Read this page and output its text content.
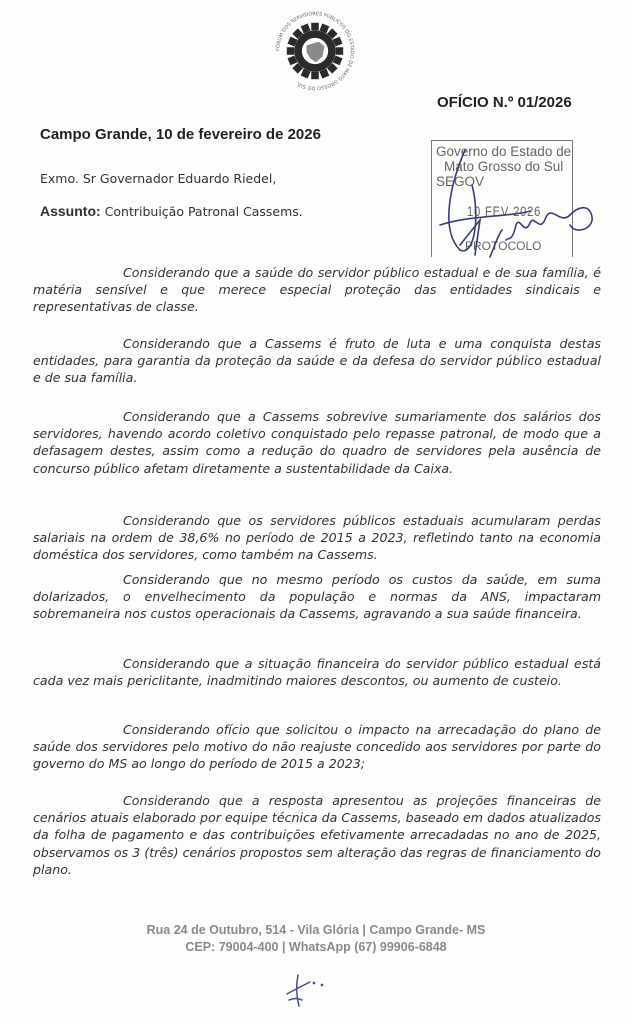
FÓRUM DOS SERVIDORES PÚBLICOS DO ESTADO DE MATO GROSSO DO SUL
OFÍCIO N.º 01/2026
Campo Grande, 10 de fevereiro de 2026
Exmo. Sr Governador Eduardo Riedel,
Assunto: Contribuição Patronal Cassems.
Governo do Estado de
Mato Grosso do Sul
SEGOV
10 FEV 2026
PROTOCOLO
Considerando que a saúde do servidor público estadual e de sua família, é matéria sensível e que merece especial proteção das entidades sindicais e representativas de classe.
Considerando que a Cassems é fruto de luta e uma conquista destas entidades, para garantia da proteção da saúde e da defesa do servidor público estadual e de sua família.
Considerando que a Cassems sobrevive sumariamente dos salários dos servidores, havendo acordo coletivo conquistado pelo repasse patronal, de modo que a defasagem destes, assim como a redução do quadro de servidores pela ausência de concurso público afetam diretamente a sustentabilidade da Caixa.
Considerando que os servidores públicos estaduais acumularam perdas salariais na ordem de 38,6% no período de 2015 a 2023, refletindo tanto na economia doméstica dos servidores, como também na Cassems.
Considerando que no mesmo período os custos da saúde, em suma dolarizados, o envelhecimento da população e normas da ANS, impactaram sobremaneira nos custos operacionais da Cassems, agravando a sua saúde financeira.
Considerando que a situação financeira do servidor público estadual está cada vez mais periclitante, inadmitindo maiores descontos, ou aumento de custeio.
Considerando ofício que solicitou o impacto na arrecadação do plano de saúde dos servidores pelo motivo do não reajuste concedido aos servidores por parte do governo do MS ao longo do período de 2015 a 2023;
Considerando que a resposta apresentou as projeções financeiras de cenários atuais elaborado por equipe técnica da Cassems, baseado em dados atualizados da folha de pagamento e das contribuições efetivamente arrecadadas no ano de 2025, observamos os 3 (três) cenários propostos sem alteração das regras de financiamento do plano.
Rua 24 de Outubro, 514 - Vila Glória | Campo Grande- MS
CEP: 79004-400 | WhatsApp (67) 99906-6848
